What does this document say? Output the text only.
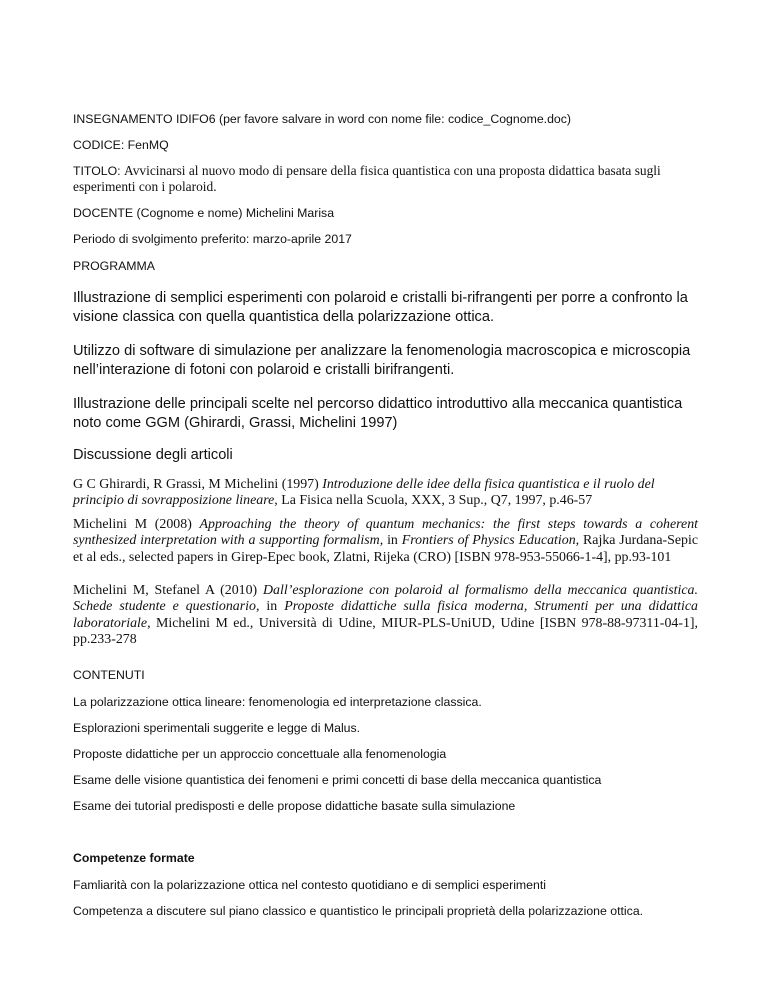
INSEGNAMENTO IDIFO6 (per favore salvare in word con nome file: codice_Cognome.doc)
CODICE: FenMQ
TITOLO: Avvicinarsi al nuovo modo di pensare della fisica quantistica con una proposta didattica basata sugli esperimenti con i polaroid.
DOCENTE (Cognome e nome) Michelini Marisa
Periodo di svolgimento preferito: marzo-aprile 2017
PROGRAMMA
Illustrazione di semplici esperimenti con polaroid e cristalli bi-rifrangenti per porre a confronto la visione classica con quella quantistica della polarizzazione ottica.
Utilizzo di software di simulazione per analizzare la fenomenologia macroscopica e microscopia nell’interazione di fotoni con polaroid e cristalli birifrangenti.
Illustrazione delle principali scelte nel percorso didattico introduttivo alla meccanica quantistica noto come GGM (Ghirardi, Grassi, Michelini 1997)
Discussione degli articoli
G C Ghirardi, R Grassi, M Michelini (1997) Introduzione delle idee della fisica quantistica e il ruolo del principio di sovrapposizione lineare, La Fisica nella Scuola, XXX, 3 Sup., Q7, 1997, p.46-57
Michelini M (2008) Approaching the theory of quantum mechanics: the first steps towards a coherent synthesized interpretation with a supporting formalism, in Frontiers of Physics Education, Rajka Jurdana-Sepic et al eds., selected papers in Girep-Epec book, Zlatni, Rijeka (CRO) [ISBN 978-953-55066-1-4], pp.93-101
Michelini M, Stefanel A (2010) Dall’esplorazione con polaroid al formalismo della meccanica quantistica. Schede studente e questionario, in Proposte didattiche sulla fisica moderna, Strumenti per una didattica laboratoriale, Michelini M ed., Università di Udine, MIUR-PLS-UniUD, Udine [ISBN 978-88-97311-04-1], pp.233-278
CONTENUTI
La polarizzazione ottica lineare: fenomenologia ed interpretazione classica.
Esplorazioni sperimentali suggerite e legge di Malus.
Proposte didattiche per un approccio concettuale alla fenomenologia
Esame delle visione quantistica dei fenomeni e primi concetti di base della meccanica quantistica
Esame dei tutorial predisposti e delle propose didattiche basate sulla simulazione
Competenze formate
Famliarità con la polarizzazione ottica nel contesto quotidiano e di semplici esperimenti
Competenza a discutere sul piano classico e quantistico le principali proprietà della polarizzazione ottica.
